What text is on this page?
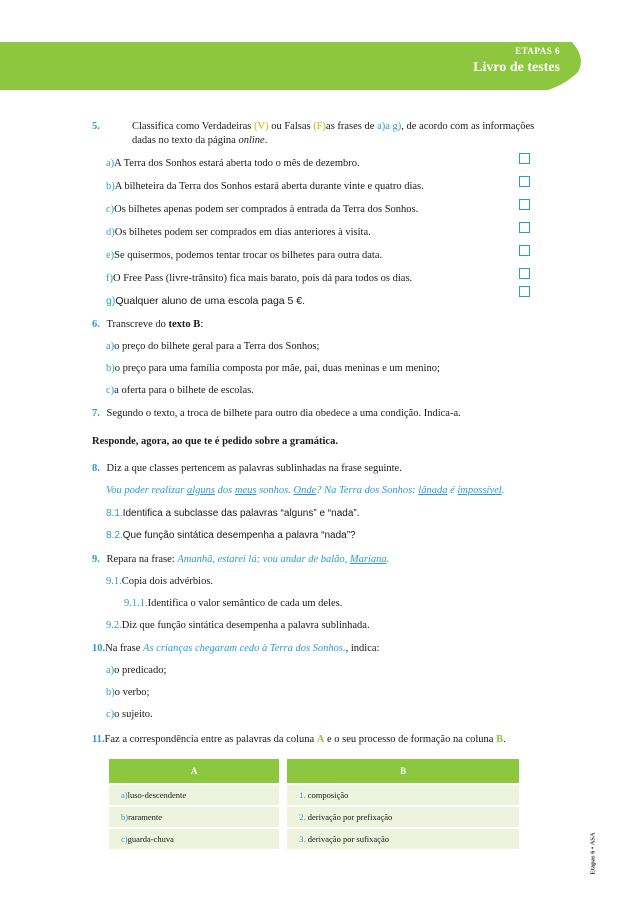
ETAPAS 6
Livro de testes
5.	Classifica como Verdadeiras (V) ou Falsas (F)as frases de a)a g), de acordo com as informações
dadas no texto da página online.
a)A Terra dos Sonhos estará aberta todo o mês de dezembro.
b)A bilheteira da Terra dos Sonhos estará aberta durante vinte e quatro dias.
c)Os bilhetes apenas podem ser comprados à entrada da Terra dos Sonhos.
d)Os bilhetes podem ser comprados em dias anteriores à visita.
e)Se quisermos, podemos tentar trocar os bilhetes para outra data.
f)O Free Pass (livre-trânsito) fica mais barato, pois dá para todos os dias.
g)Qualquer aluno de uma escola paga 5 €.
6. Transcreve do texto B:
a)o preço do bilhete geral para a Terra dos Sonhos;
b)o preço para uma família composta por mãe, pai, duas meninas e um menino;
c)a oferta para o bilhete de escolas.
7. Segundo o texto, a troca de bilhete para outro dia obedece a uma condição. Indica-a.
Responde, agora, ao que te é pedido sobre a gramática.
8. Diz a que classes pertencem as palavras sublinhadas na frase seguinte.
Vou poder realizar alguns dos meus sonhos. Onde? Na Terra dos Sonhos: lânada é impossível.
8.1.Identifica a subclasse das palavras “alguns” e “nada”.
8.2.Que função sintática desempenha a palavra “nada”?
9. Repara na frase: Amanhã, estarei lá; vou andar de balão, Mariana.
9.1.Copia dois advérbios.
9.1.1.Identifica o valor semântico de cada um deles.
9.2.Diz que função sintática desempenha a palavra sublinhada.
10.Na frase As crianças chegaram cedo à Terra dos Sonhos., indica:
a)o predicado;
b)o verbo;
c)o sujeito.
11.Faz a correspondência entre as palavras da coluna A e o seu processo de formação na coluna B.
A		B
a)luso-descendente		1. composição
b)raramente		2. derivação por prefixação
c)guarda-chuva		3. derivação por sufixação	Etapas 6 • ASA
